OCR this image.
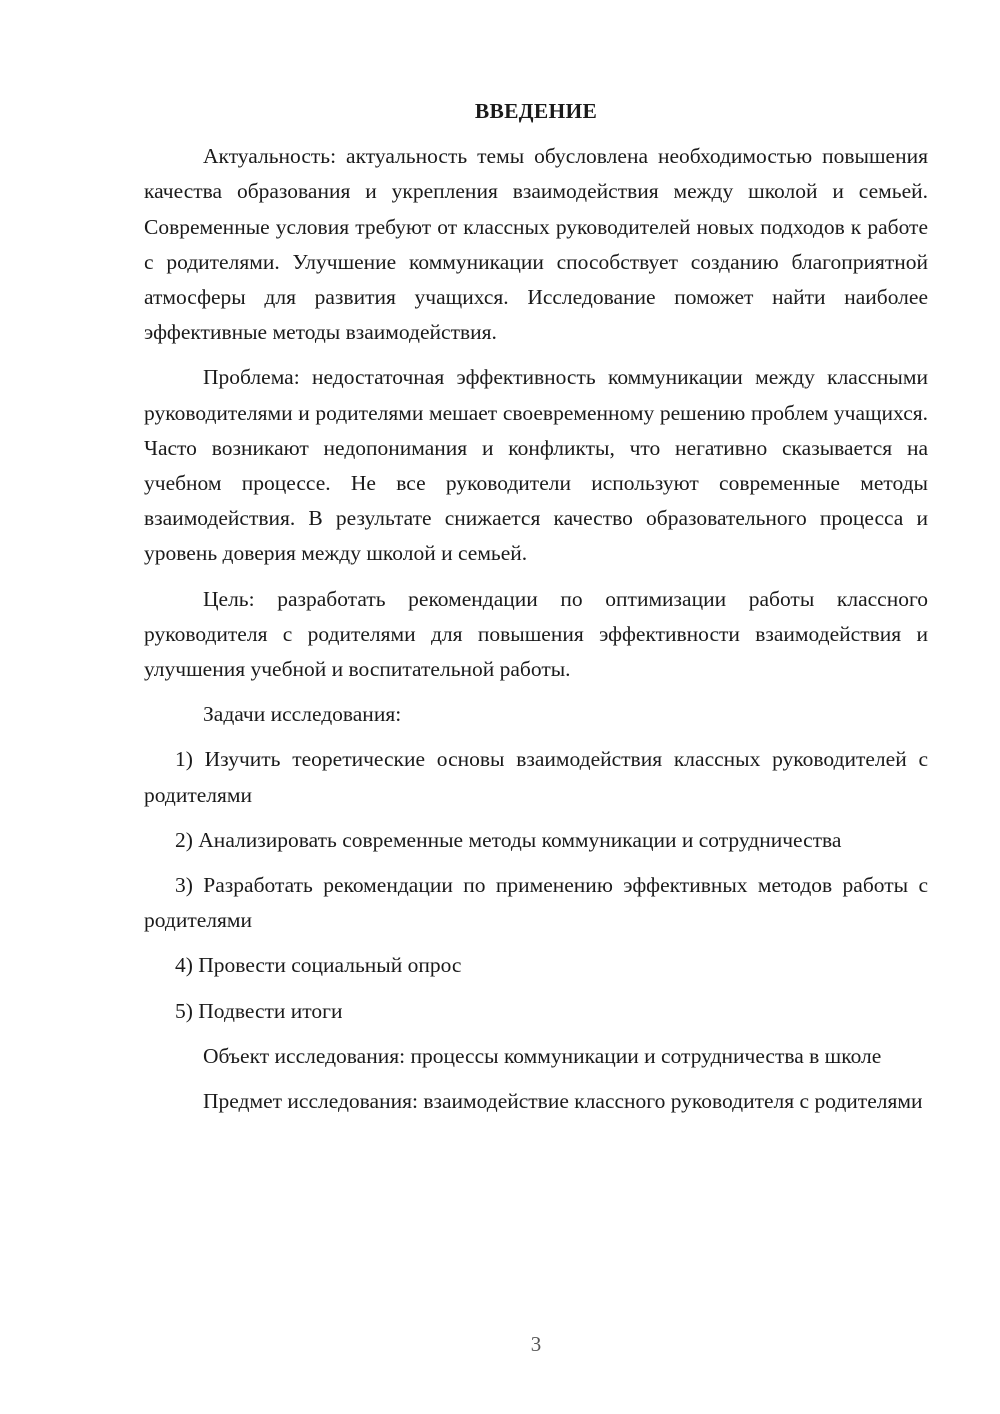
ВВЕДЕНИЕ

Актуальность: актуальность темы обусловлена необходимостью повышения качества образования и укрепления взаимодействия между школой и семьей. Современные условия требуют от классных руководителей новых подходов к работе с родителями. Улучшение коммуникации способствует созданию благоприятной атмосферы для развития учащихся. Исследование поможет найти наиболее эффективные методы взаимодействия.

Проблема: недостаточная эффективность коммуникации между классными руководителями и родителями мешает своевременному решению проблем учащихся. Часто возникают недопонимания и конфликты, что негативно сказывается на учебном процессе. Не все руководители используют современные методы взаимодействия. В результате снижается качество образовательного процесса и уровень доверия между школой и семьей.

Цель: разработать рекомендации по оптимизации работы классного руководителя с родителями для повышения эффективности взаимодействия и улучшения учебной и воспитательной работы.

Задачи исследования:

1) Изучить теоретические основы взаимодействия классных руководителей с родителями

2) Анализировать современные методы коммуникации и сотрудничества

3) Разработать рекомендации по применению эффективных методов работы с родителями

4) Провести социальный опрос

5) Подвести итоги

Объект исследования: процессы коммуникации и сотрудничества в школе

Предмет исследования: взаимодействие классного руководителя с родителями

3
